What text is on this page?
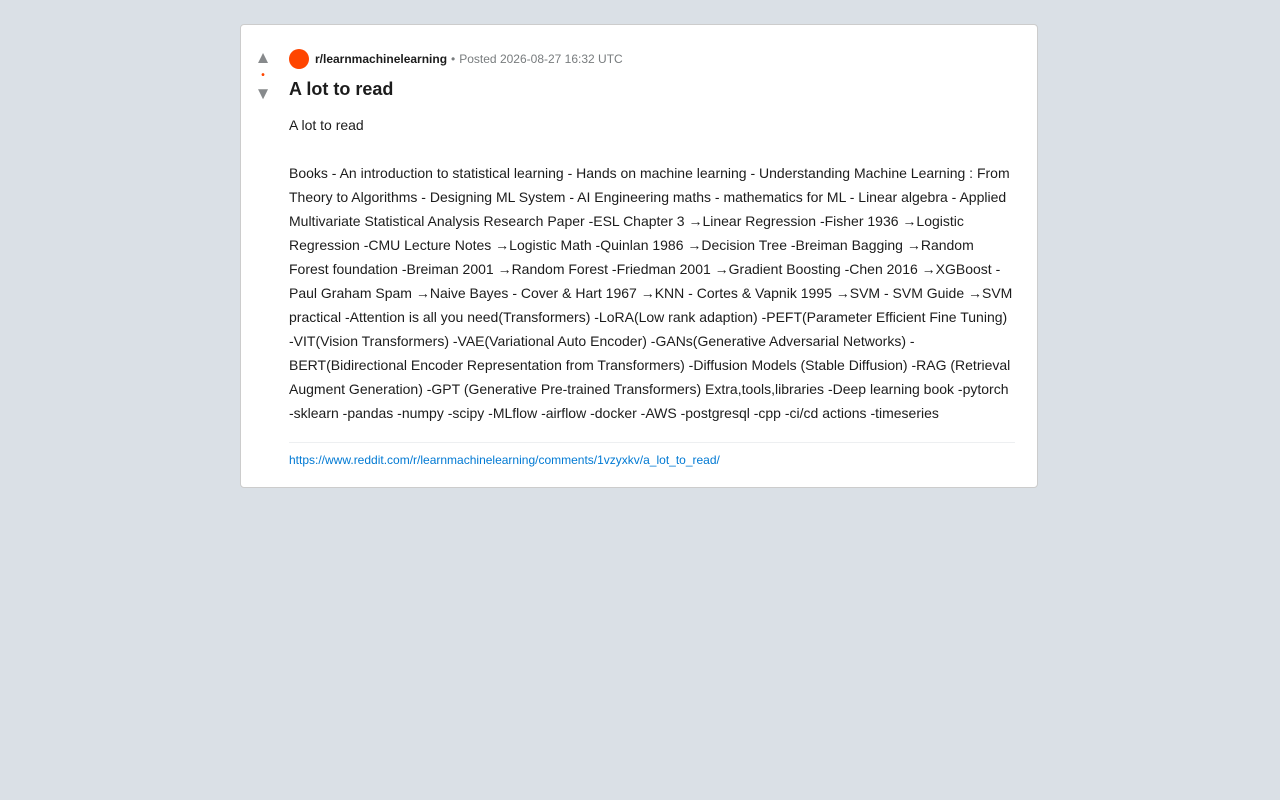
▲
•
▼
r/learnmachinelearning • Posted
2026-08-27 16:32 UTC
A lot to read

A lot to read

Books - An introduction to statistical learning - Hands on machine learning - Understanding Machine Learning : From Theory to Algorithms - Designing ML System - AI Engineering maths - mathematics for ML - Linear algebra - Applied Multivariate Statistical Analysis Research Paper -ESL Chapter 3 →Linear Regression -Fisher 1936 →Logistic Regression -CMU Lecture Notes →Logistic Math -Quinlan 1986 →Decision Tree -Breiman Bagging →Random Forest foundation -Breiman 2001 →Random Forest -Friedman 2001 →Gradient Boosting -Chen 2016 →XGBoost -Paul Graham Spam →Naive Bayes - Cover & Hart 1967 →KNN - Cortes & Vapnik 1995 →SVM - SVM Guide →SVM practical -Attention is all you need(Transformers) -LoRA(Low rank adaption) -PEFT(Parameter Efficient Fine Tuning) -VIT(Vision Transformers) -VAE(Variational Auto Encoder) -GANs(Generative Adversarial Networks) -BERT(Bidirectional Encoder Representation from Transformers) -Diffusion Models (Stable Diffusion) -RAG (Retrieval Augment Generation) -GPT (Generative Pre-trained Transformers) Extra,tools,libraries -Deep learning book -pytorch -sklearn -pandas -numpy -scipy -MLflow -airflow -docker -AWS -postgresql -cpp -ci/cd actions -timeseries

https://www.reddit.com/r/learnmachinelearning/comments/1vzyxkv/a_lot_to_read/
